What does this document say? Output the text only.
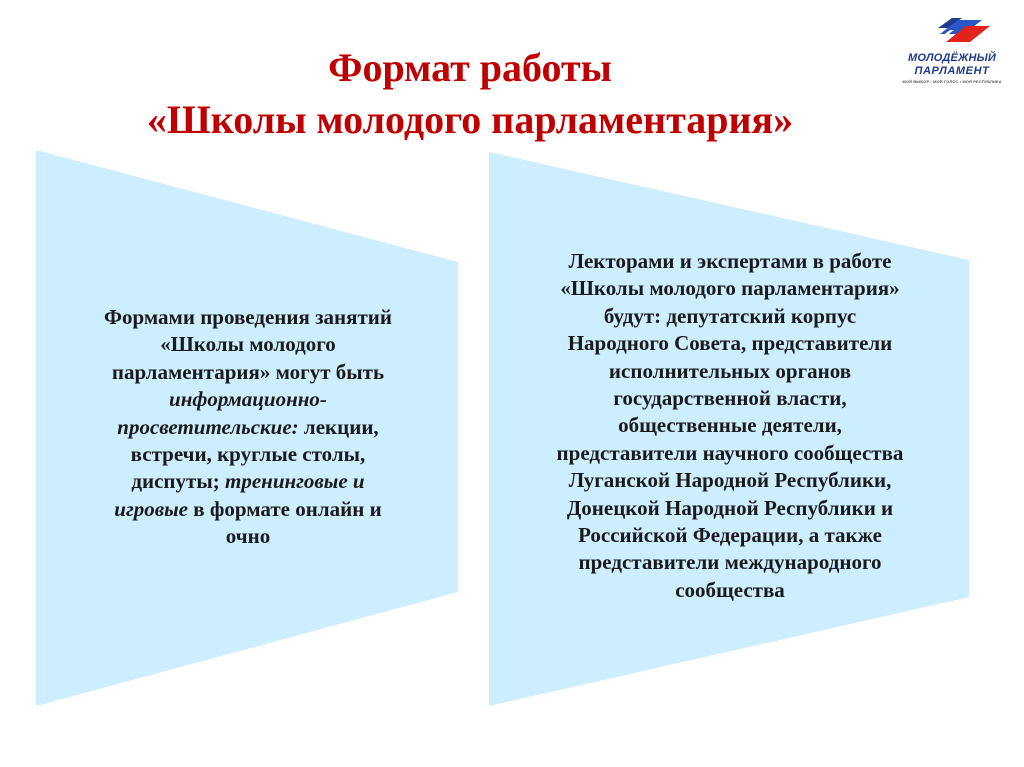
Формат работы
«Школы молодого парламентария»
МОЛОДЁЖНЫЙ
ПАРЛАМЕНТ
МОЙ ВЫБОР • МОЙ ГОЛОС • МОЯ РЕСПУБЛИКА

Формами проведения занятий

«Школы молодого

парламентария» могут быть

информационно-

просветительские: лекции,

встречи, круглые столы,

диспуты; тренинговые и

игровые в формате онлайн и

очно

Лекторами и экспертами в работе

«Школы молодого парламентария»

будут: депутатский корпус

Народного Совета, представители

исполнительных органов

государственной власти,

общественные деятели,

представители научного сообщества

Луганской Народной Республики,

Донецкой Народной Республики и

Российской Федерации, а также

представители международного

сообщества
